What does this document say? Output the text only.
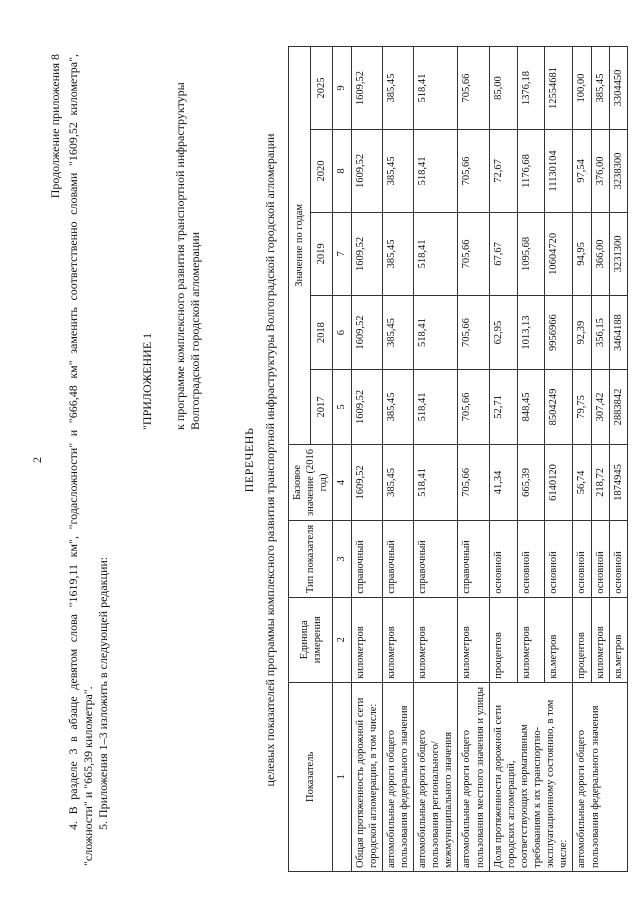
2
Продолжение приложения 8 4. В разделе 3 в абзаце девятом слова "1619,11 км", "годасложности" и "666,48 км" заменить соответственно словами "1609,52 километра", "сложности" и "665,39 километра". 5. Приложения 1–3 изложить в следующей редакции:
"ПРИЛОЖЕНИЕ 1 к программе комплексного развития транспортной инфраструктуры Волгоградской городской агломерации
ПЕРЕЧЕНЬ целевых показателей программы комплексного развития транспортной инфраструктуры Волгоградской городской агломерации	Показатель	Единица измерения	Тип показателя	Базовое значение (2016 год)	Значение по годам				
				2017	2018	2019	2020	2025
1	2	3	4	5	6	7	8	9
Общая протяженность дорожной сети городской агломерации, в том числе:	километров	справочный	1609,52	1609,52	1609,52	1609,52	1609,52	1609,52
автомобильные дороги общего пользования федерального значения	километров	справочный	385,45	385,45	385,45	385,45	385,45	385,45
автомобильные дороги общего пользования регионального/межмуниципального значения	километров	справочный	518,41	518,41	518,41	518,41	518,41	518,41
автомобильные дороги общего пользования местного значения и улицы	километров	справочный	705,66	705,66	705,66	705,66	705,66	705,66
Доля протяженности дорожной сети городских агломераций, соответствующих нормативным требованиям к их транспортно-эксплуатационному состоянию, в том числе:	процентов	основной	41,34	52,71	62,95	67,67	72,67	85,00
	километров	основной	665,39	848,45	1013,13	1095,68	1176,68	1376,18
	кв.метров	основной	6140120	8504249	9956966	10604720	11130104	12554681
автомобильные дороги общего пользования федерального значения	процентов	основной	56,74	79,75	92,39	94,95	97,54	100,00
	километров	основной	218,72	307,42	356,15	366,00	376,00	385,45
	кв.метров	основной	1874945	2883842	3464188	3231300	3238300	3304450
